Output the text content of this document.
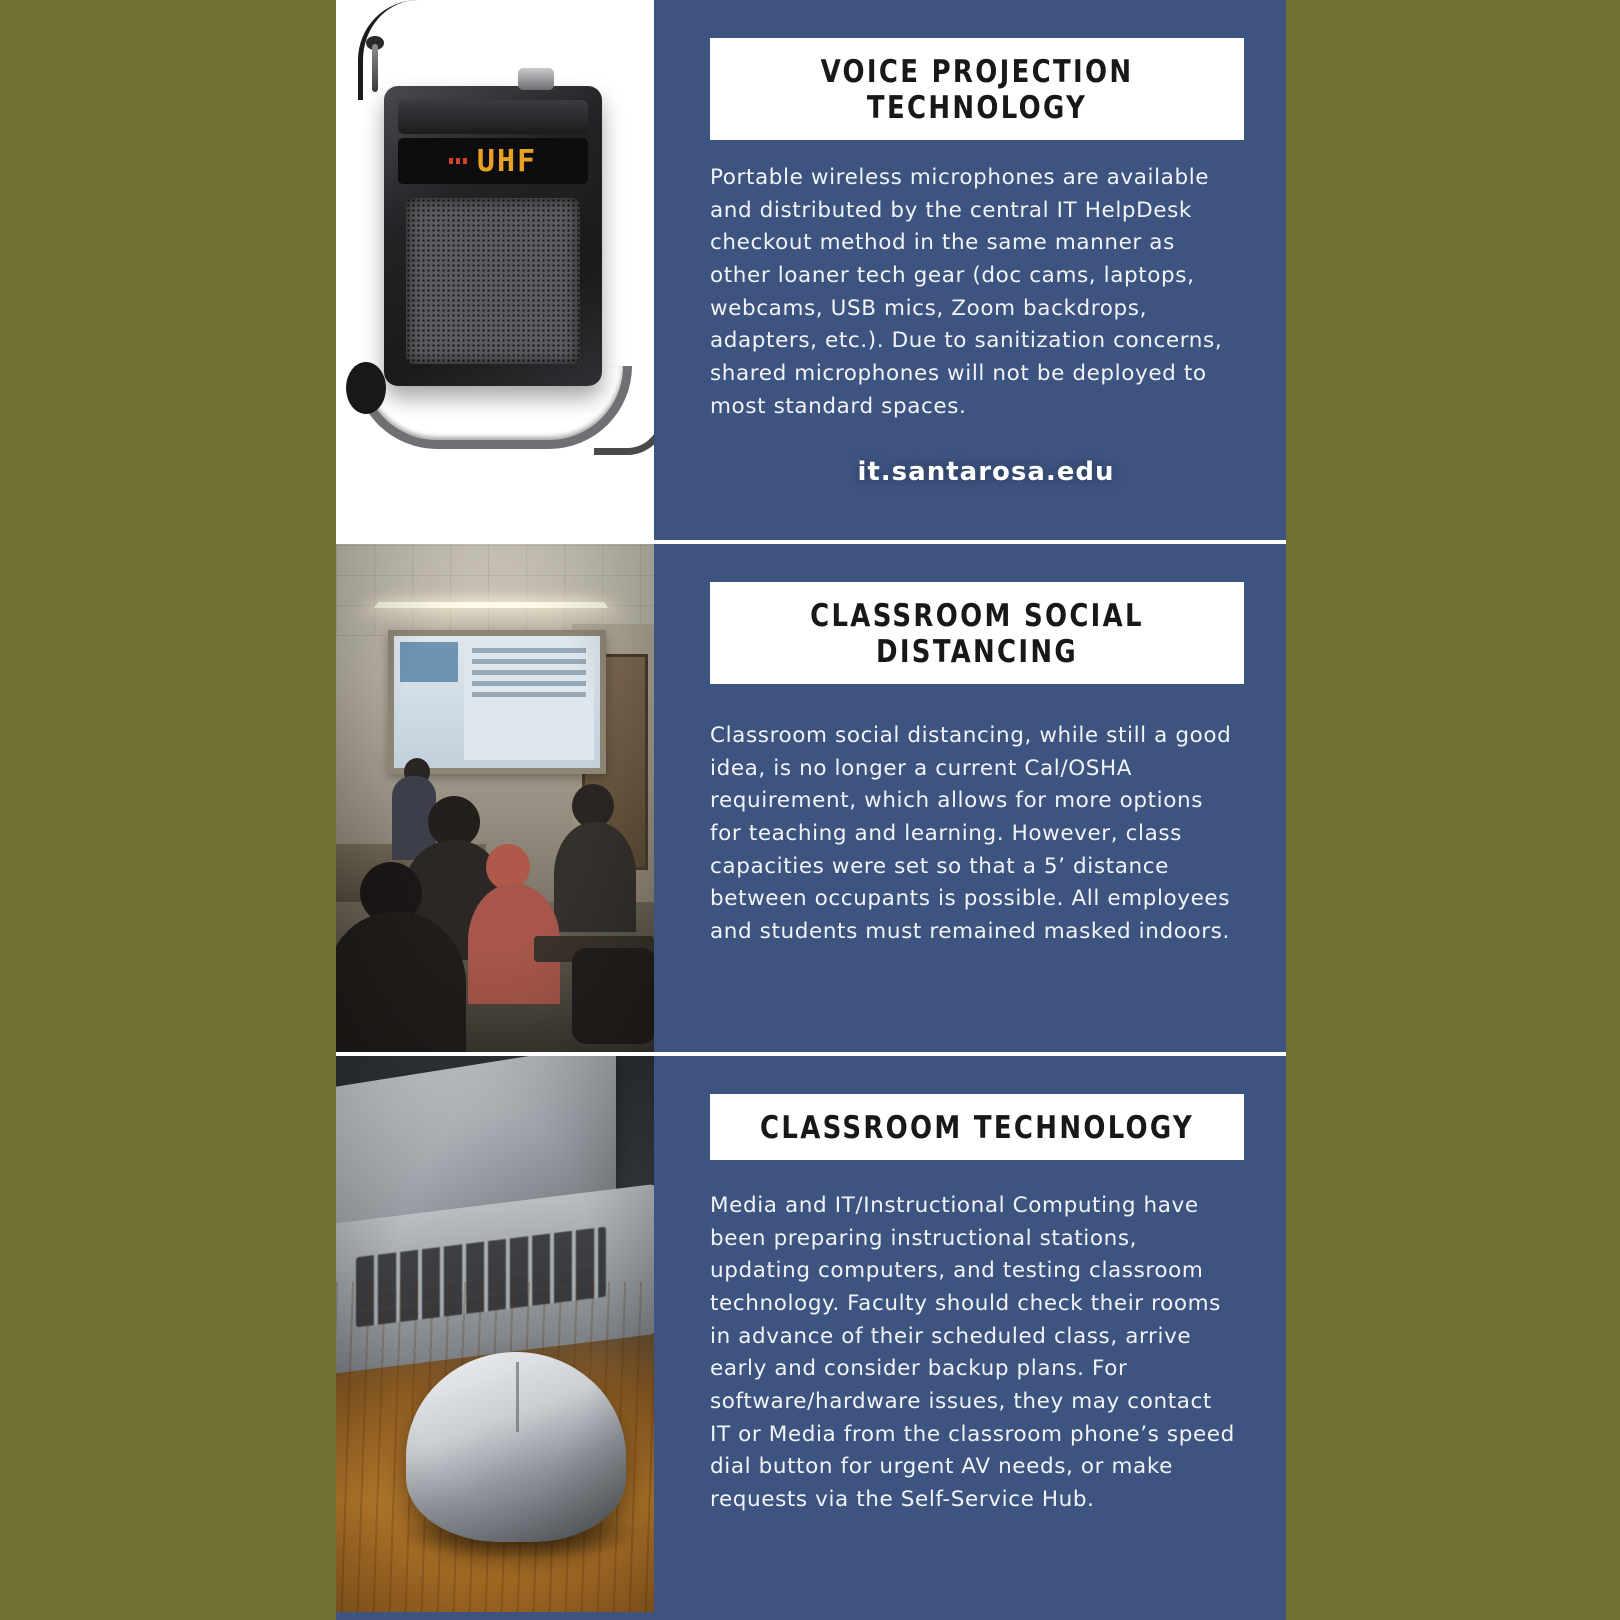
UHF
VOICE PROJECTION TECHNOLOGY

Portable wireless microphones are available and distributed by the central IT HelpDesk checkout method in the same manner as other loaner tech gear (doc cams, laptops, webcams, USB mics, Zoom backdrops, adapters, etc.). Due to sanitization concerns, shared microphones will not be deployed to most standard spaces.

it.santarosa.edu
CLASSROOM SOCIAL DISTANCING

Classroom social distancing, while still a good idea, is no longer a current Cal/OSHA requirement, which allows for more options for teaching and learning. However, class capacities were set so that a 5’ distance between occupants is possible. All employees and students must remained masked indoors.

CLASSROOM TECHNOLOGY

Media and IT/Instructional Computing have been preparing instructional stations, updating computers, and testing classroom technology. Faculty should check their rooms in advance of their scheduled class, arrive early and consider backup plans. For software/hardware issues, they may contact IT or Media from the classroom phone’s speed dial button for urgent AV needs, or make requests via the Self-Service Hub.
